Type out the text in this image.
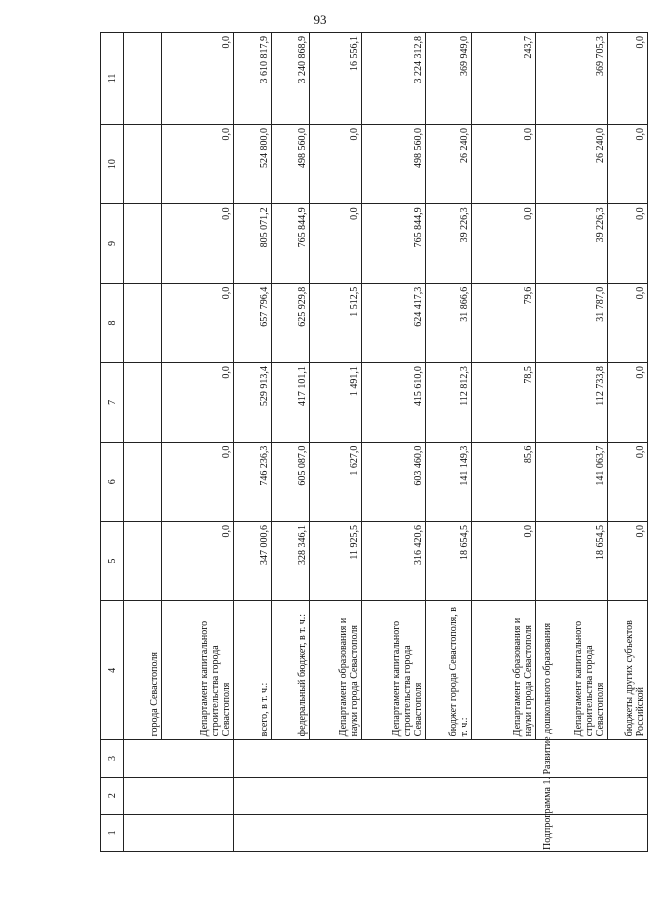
93
1	2	3	4	5	6	7	8	9	10	11
			города Севастополя							
			Департамент капитального строительства города Севастополя	0,0	0,0	0,0	0,0	0,0	0,0	0,0
			всего, в т. ч.:	347 000,6	746 236,3	529 913,4	657 796,4	805 071,2	524 800,0	3 610 817,9
			федеральный бюджет, в т. ч.:	328 346,1	605 087,0	417 101,1	625 929,8	765 844,9	498 560,0	3 240 868,9
			Департамент образования и науки города Севастополя	11 925,5	1 627,0	1 491,1	1 512,5	0,0	0,0	16 556,1
			Департамент капитального строительства города Севастополя	316 420,6	603 460,0	415 610,0	624 417,3	765 844,9	498 560,0	3 224 312,8
			бюджет города Севастополя, в т. ч.:	18 654,5	141 149,3	112 812,3	31 866,6	39 226,3	26 240,0	369 949,0
			Департамент образования и науки города Севастополя	0,0	85,6	78,5	79,6	0,0	0,0	243,7
			Департамент капитального строительства города Севастополя	18 654,5	141 063,7	112 733,8	31 787,0	39 226,3	26 240,0	369 705,3
			бюджеты других субъектов Российской	0,0	0,0	0,0	0,0	0,0	0,0	0,0
Подпрограмма 1. Развитие дошкольного образования
